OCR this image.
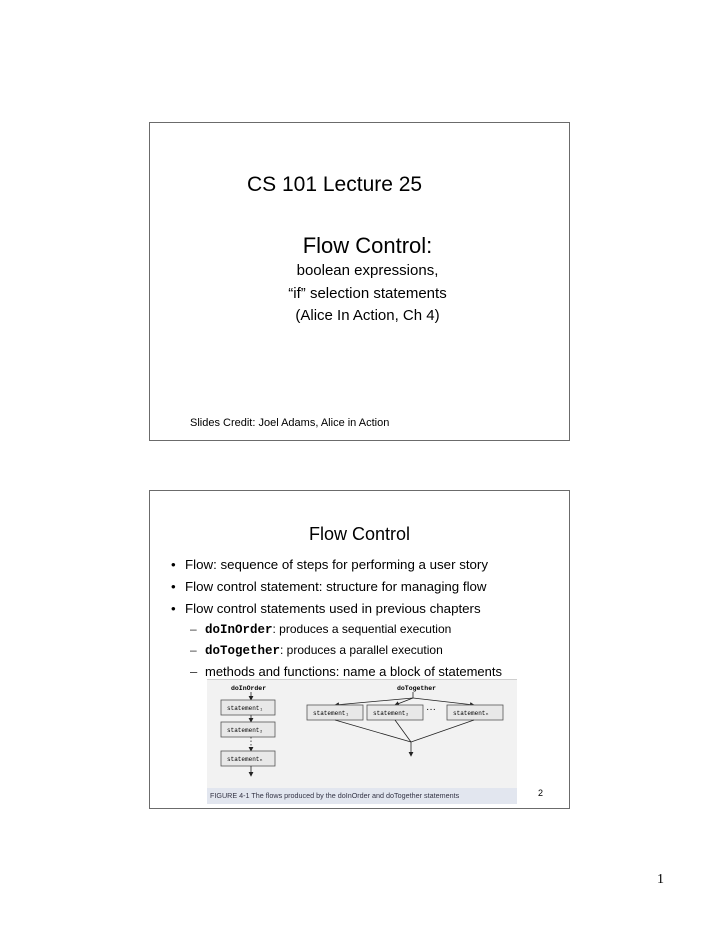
CS 101 Lecture 25
Flow Control:
boolean expressions,
“if” selection statements
(Alice In Action, Ch 4)
Slides Credit: Joel Adams, Alice in Action
Flow Control
• Flow: sequence of steps for performing a user story
• Flow control statement: structure for managing flow
• Flow control statements used in previous chapters
– doInOrder: produces a sequential execution
– doTogether: produces a parallel execution
– methods and functions: name a block of statements
doInOrder	doTogether
statement₁
statement₂
statementₙ
statement₁	statement₂ ···	statementₙ
FIGURE 4-1 The flows produced by the doInOrder and doTogether statements	2
1
